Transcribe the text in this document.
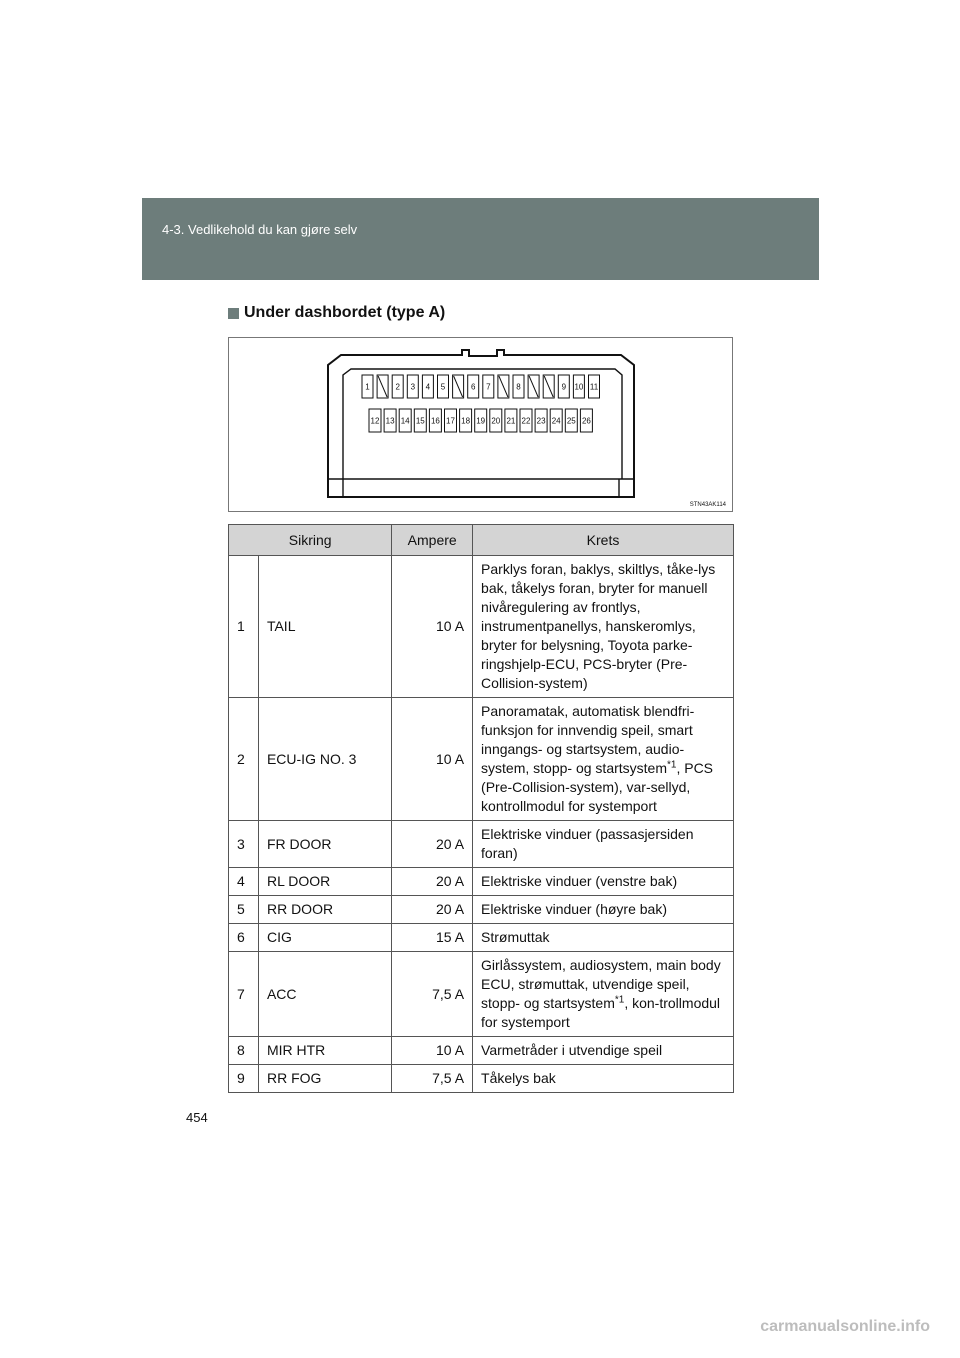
4-3. Vedlikehold du kan gjøre selv
Under dashbordet (type A)
1	2 3 4 5	6 7	8	9 10 11
12 13 14 15 16 17 18 19 20 21 22 23 24 25 26
STN43AK114
Sikring		Ampere	Krets
1	TAIL	10 A	Parklys foran, baklys, skiltlys, tåke-lys bak, tåkelys foran, bryter for manuell nivåregulering av frontlys, instrumentpanellys, hanskeromlys, bryter for belysning, Toyota parke-ringshjelp-ECU, PCS-bryter (Pre-Collision-system)
2	ECU-IG NO. 3	10 A	Panoramatak, automatisk blendfri-funksjon for innvendig speil, smart inngangs- og startsystem, audio-system, stopp- og startsystem$^{*1}$, PCS (Pre-Collision-system), var-sellyd, kontrollmodul for systemport
3	FR DOOR	20 A	Elektriske vinduer (passasjersiden foran)
4	RL DOOR	20 A	Elektriske vinduer (venstre bak)
5	RR DOOR	20 A	Elektriske vinduer (høyre bak)
6	CIG	15 A	Strømuttak
7	ACC	7,5 A	Girlåssystem, audiosystem, main body ECU, strømuttak, utvendige speil, stopp- og startsystem$^{*1}$, kon-trollmodul for systemport
8	MIR HTR	10 A	Varmetråder i utvendige speil
9	RR FOG	7,5 A	Tåkelys bak
454
carmanualsonline.info
